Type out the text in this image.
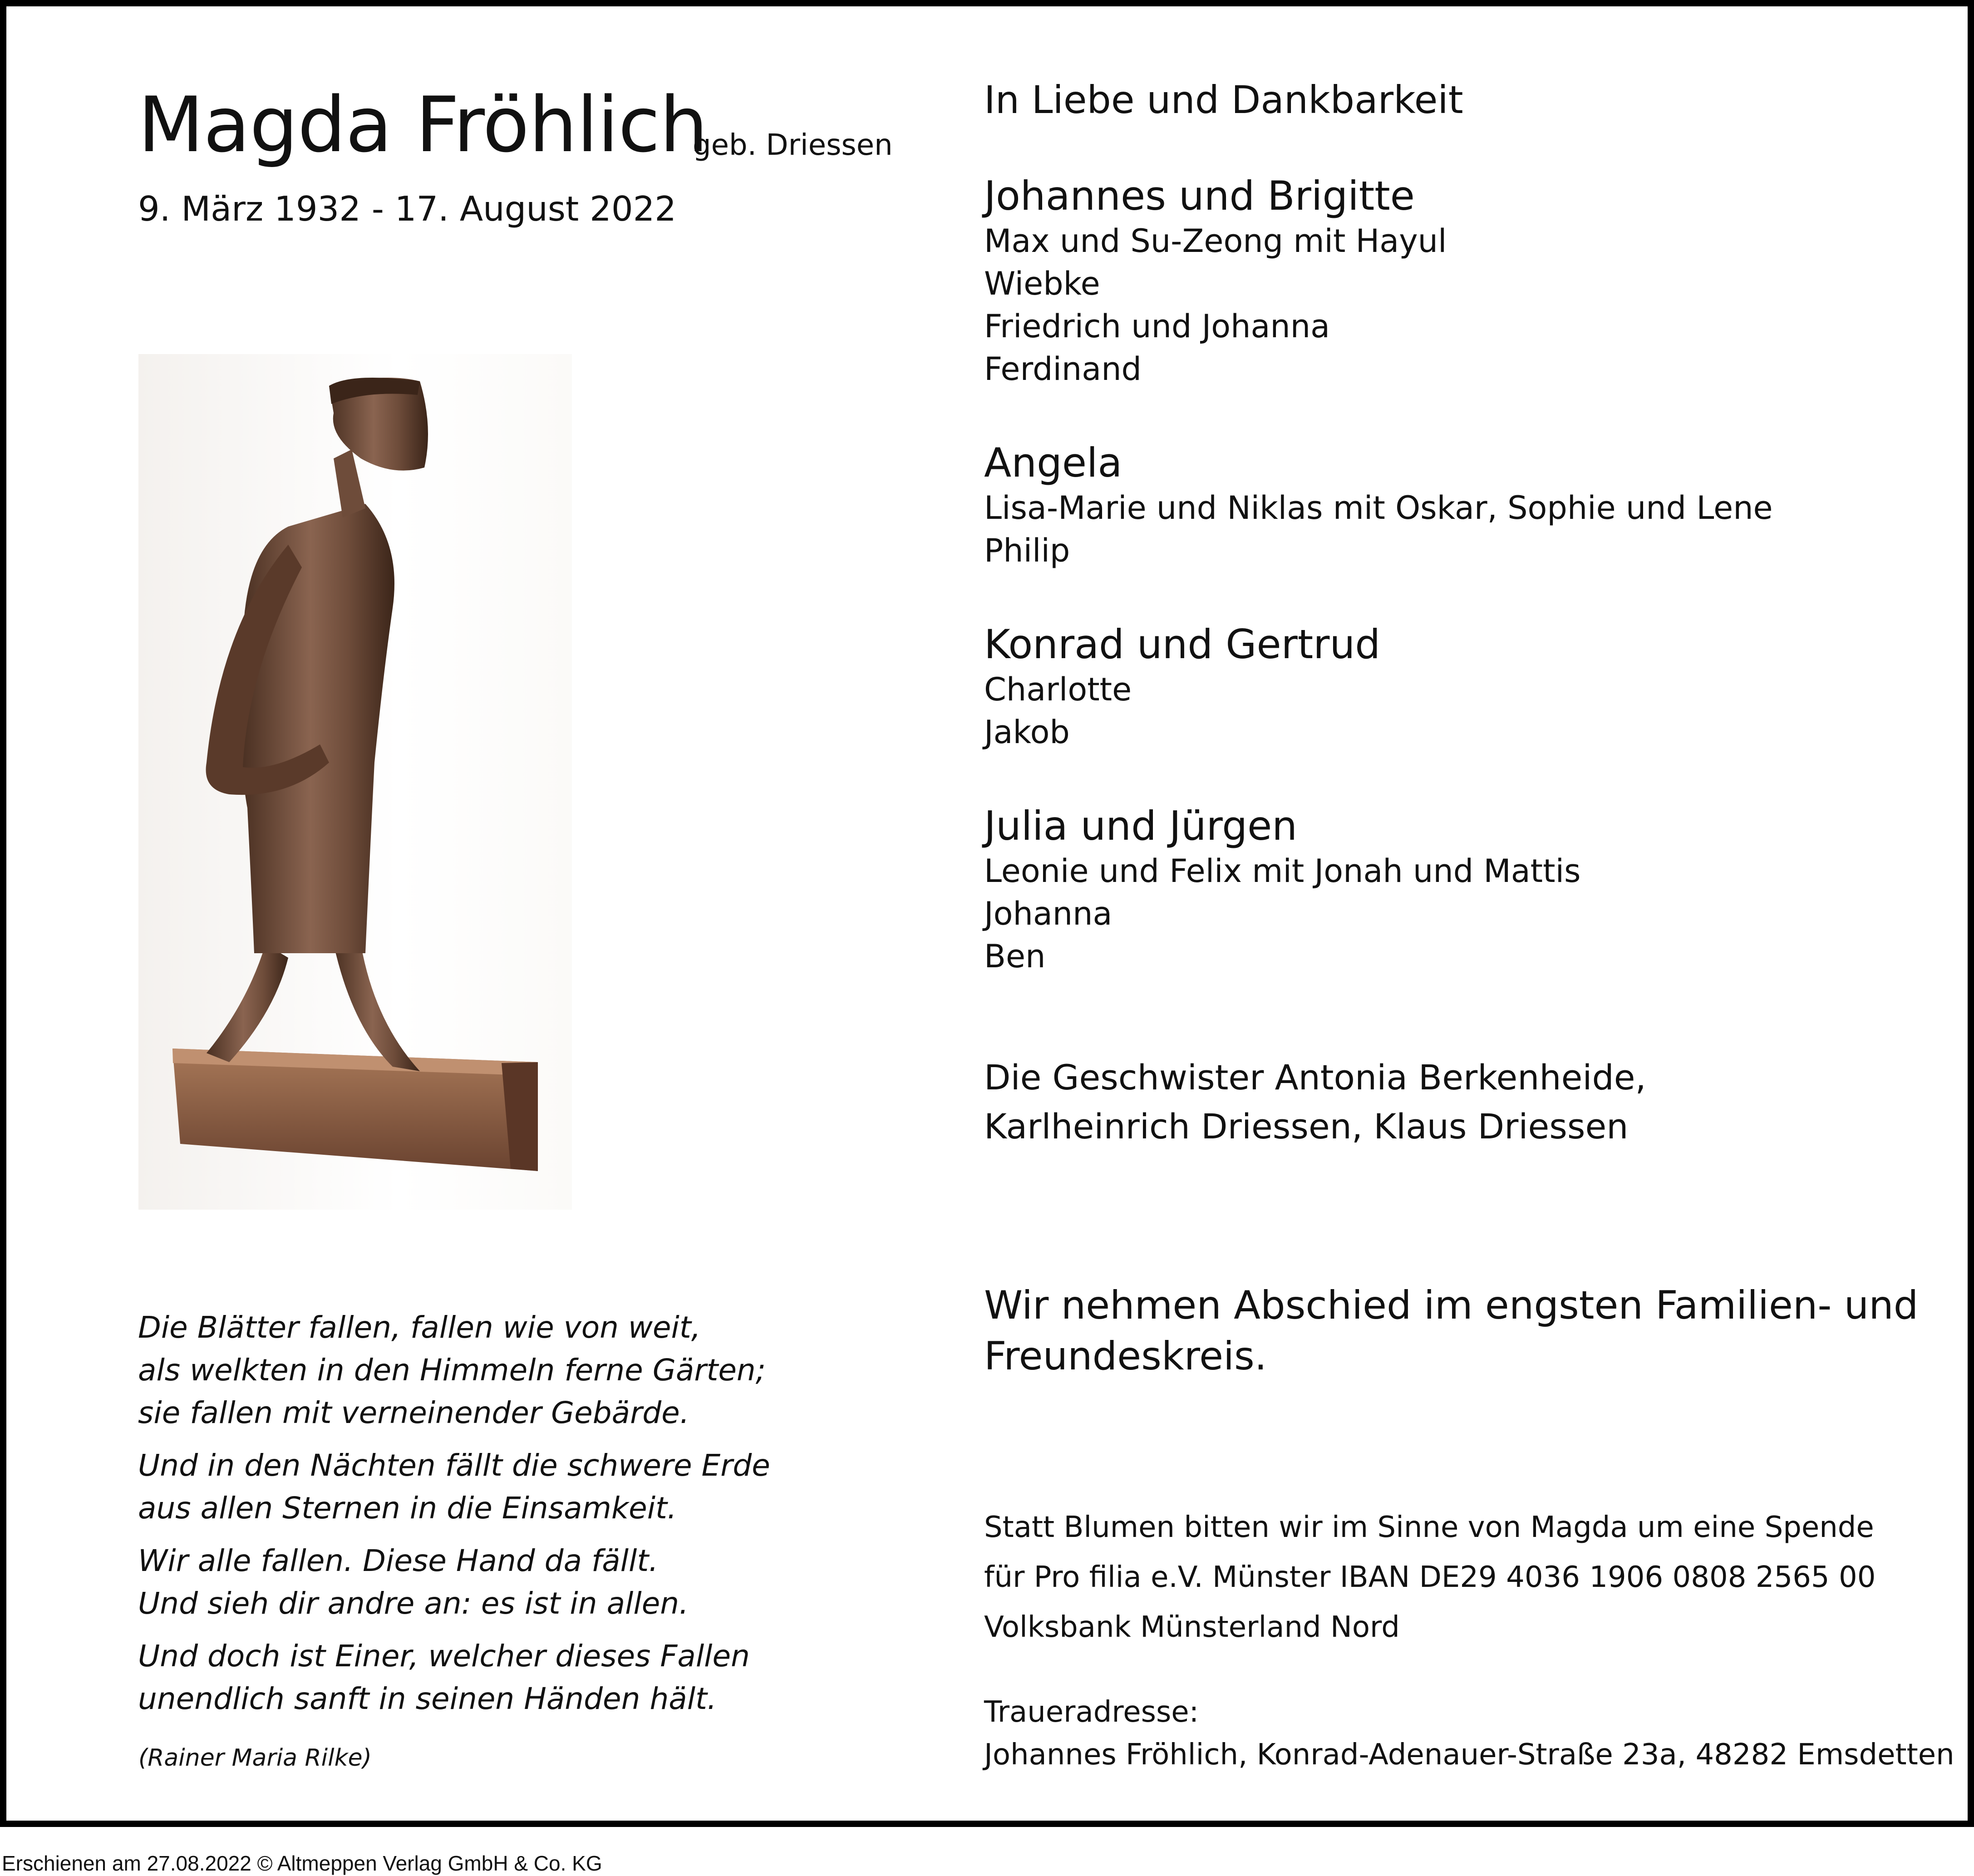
Magda Fröhlich
geb. Driessen
9. März 1932 - 17. August 2022
Die Blätter fallen, fallen wie von weit,
als welkten in den Himmeln ferne Gärten;
sie fallen mit verneinender Gebärde.
Und in den Nächten fällt die schwere Erde
aus allen Sternen in die Einsamkeit.
Wir alle fallen. Diese Hand da fällt.
Und sieh dir andre an: es ist in allen.
Und doch ist Einer, welcher dieses Fallen
unendlich sanft in seinen Händen hält.
(Rainer Maria Rilke)
In Liebe und Dankbarkeit
Johannes und Brigitte
Max und Su-Zeong mit Hayul
Wiebke
Friedrich und Johanna
Ferdinand
Angela
Lisa-Marie und Niklas mit Oskar, Sophie und Lene
Philip
Konrad und Gertrud
Charlotte
Jakob
Julia und Jürgen
Leonie und Felix mit Jonah und Mattis
Johanna
Ben
Die Geschwister Antonia Berkenheide,
Karlheinrich Driessen, Klaus Driessen
Wir nehmen Abschied im engsten Familien- und
Freundeskreis.
Statt Blumen bitten wir im Sinne von Magda um eine Spende
für Pro filia e.V. Münster IBAN DE29 4036 1906 0808 2565 00
Volksbank Münsterland Nord
Traueradresse:
Johannes Fröhlich, Konrad-Adenauer-Straße 23a, 48282 Emsdetten
Erschienen am 27.08.2022 © Altmeppen Verlag GmbH & Co. KG
